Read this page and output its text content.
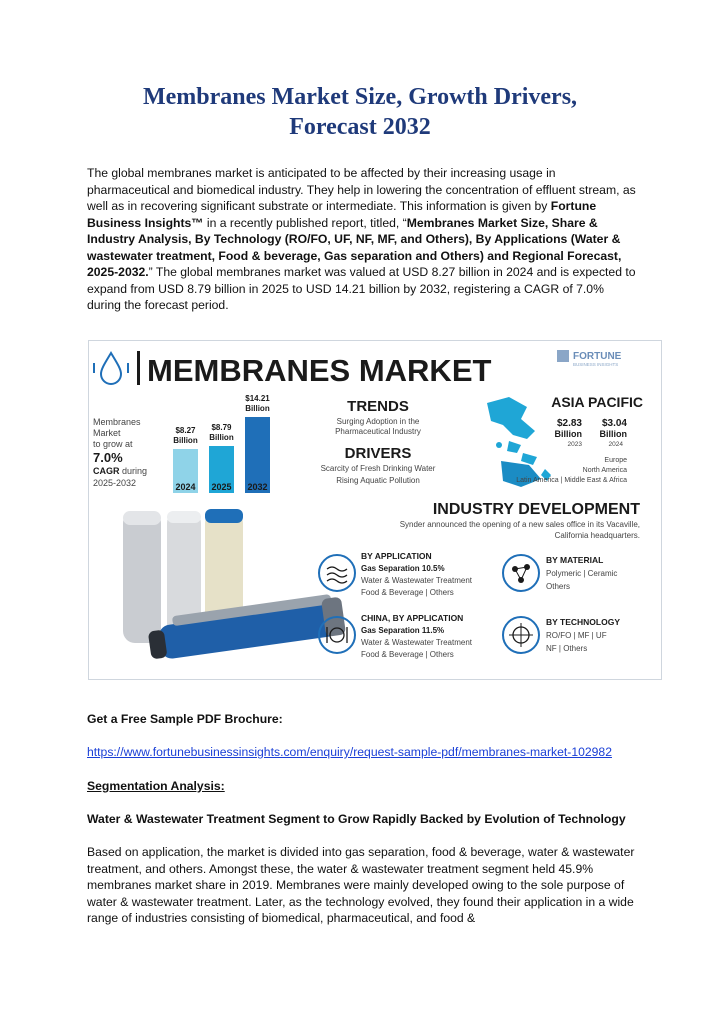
Membranes Market Size, Growth Drivers,
Forecast 2032
The global membranes market is anticipated to be affected by their increasing usage in pharmaceutical and biomedical industry. They help in lowering the concentration of effluent stream, as well as in recovering significant substrate or intermediate. This information is given by Fortune Business Insights™ in a recently published report, titled, “Membranes Market Size, Share & Industry Analysis, By Technology (RO/FO, UF, NF, MF, and Others), By Applications (Water & wastewater treatment, Food & beverage, Gas separation and Others) and Regional Forecast, 2025-2032.” The global membranes market was valued at USD 8.27 billion in 2024 and is expected to expand from USD 8.79 billion in 2025 to USD 14.21 billion by 2032, registering a CAGR of 7.0% during the forecast period.
MEMBRANES MARKET	FORTUNE
BUSINESS INSIGHTS
Membranes
Market
to grow at
7.0%
CAGR during
2025-2032	2024
$8.27
Billion
2025
$8.79
Billion
2032
$14.21
Billion	TRENDS
Surging Adoption in the
Pharmaceutical Industry
DRIVERS
Scarcity of Fresh Drinking Water
Rising Aquatic Pollution
ASIA PACIFIC
$2.83
Billion
2023
$3.04
Billion
2024
Europe
North America
Latin America | Middle East & Africa
INDUSTRY DEVELOPMENT
Synder announced the opening of a new sales office in its Vacaville,
California headquarters.
BY APPLICATION
Gas Separation 10.5%
Water & Wastewater Treatment
Food & Beverage | Others
CHINA, BY APPLICATION
Gas Separation 11.5%
Water & Wastewater Treatment
Food & Beverage | Others
BY MATERIAL
Polymeric | Ceramic
Others
BY TECHNOLOGY
RO/FO | MF | UF
NF | Others
Get a Free Sample PDF Brochure:
https://www.fortunebusinessinsights.com/enquiry/request-sample-pdf/membranes-market-102982
Segmentation Analysis:
Water & Wastewater Treatment Segment to Grow Rapidly Backed by Evolution of Technology
Based on application, the market is divided into gas separation, food & beverage, water & wastewater treatment, and others. Amongst these, the water & wastewater treatment segment held 45.9% membranes market share in 2019. Membranes were mainly developed owing to the sole purpose of water & wastewater treatment. Later, as the technology evolved, they found their application in a wide range of industries consisting of biomedical, pharmaceutical, and food &
